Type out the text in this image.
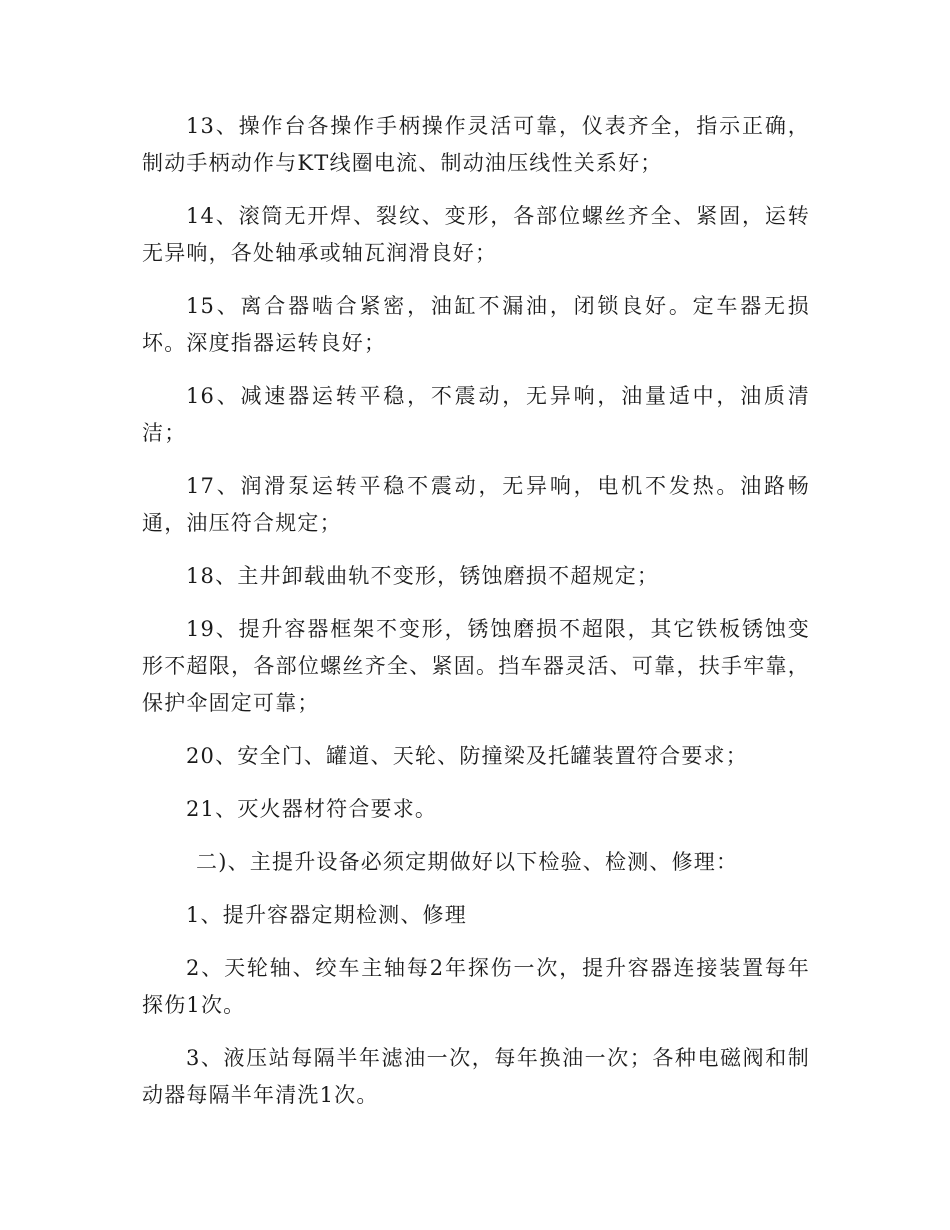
13、操作台各操作手柄操作灵活可靠，仪表齐全，指示正确，制动手柄动作与KT线圈电流、制动油压线性关系好；

14、滚筒无开焊、裂纹、变形，各部位螺丝齐全、紧固，运转无异响，各处轴承或轴瓦润滑良好；

15、离合器啮合紧密，油缸不漏油，闭锁良好。定车器无损坏。深度指器运转良好；

16、减速器运转平稳，不震动，无异响，油量适中，油质清洁；

17、润滑泵运转平稳不震动，无异响，电机不发热。油路畅通，油压符合规定；

18、主井卸载曲轨不变形，锈蚀磨损不超规定；

19、提升容器框架不变形，锈蚀磨损不超限，其它铁板锈蚀变形不超限，各部位螺丝齐全、紧固。挡车器灵活、可靠，扶手牢靠，保护伞固定可靠；

20、安全门、罐道、天轮、防撞梁及托罐装置符合要求；

21、灭火器材符合要求。

二)、主提升设备必须定期做好以下检验、检测、修理：

1、提升容器定期检测、修理

2、天轮轴、绞车主轴每2年探伤一次，提升容器连接装置每年探伤1次。

3、液压站每隔半年滤油一次，每年换油一次；各种电磁阀和制动器每隔半年清洗1次。
